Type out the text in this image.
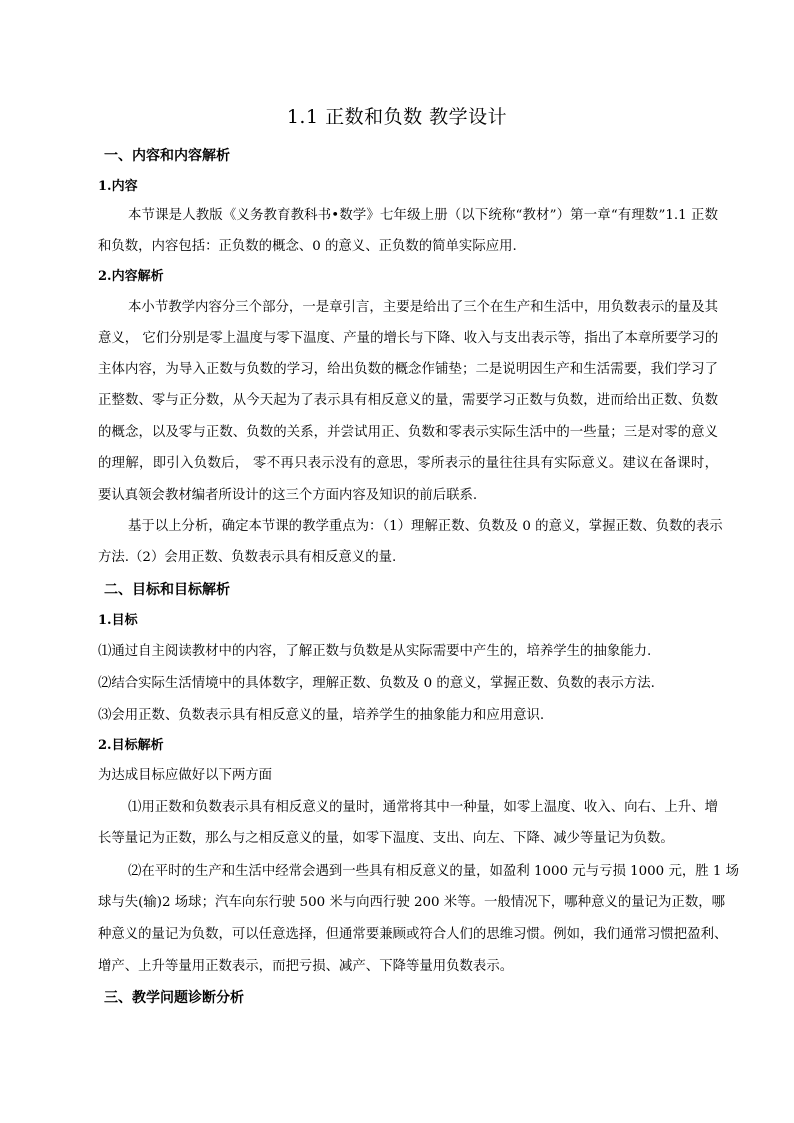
1.1 正数和负数 教学设计
一、内容和内容解析
1.内容
本节课是人教版《义务教育教科书•数学》七年级上册（以下统称“教材”）第一章“有理数”1.1 正数
和负数，内容包括：正负数的概念、0 的意义、正负数的简单实际应用.
2.内容解析
本小节教学内容分三个部分，一是章引言，主要是给出了三个在生产和生活中，用负数表示的量及其
意义， 它们分别是零上温度与零下温度、产量的增长与下降、收入与支出表示等，指出了本章所要学习的
主体内容，为导入正数与负数的学习，给出负数的概念作铺垫；二是说明因生产和生活需要，我们学习了
正整数、零与正分数，从今天起为了表示具有相反意义的量，需要学习正数与负数，进而给出正数、负数
的概念，以及零与正数、负数的关系，并尝试用正、负数和零表示实际生活中的一些量；三是对零的意义
的理解，即引入负数后， 零不再只表示没有的意思，零所表示的量往往具有实际意义。建议在备课时，
要认真领会教材编者所设计的这三个方面内容及知识的前后联系.
基于以上分析，确定本节课的教学重点为：（1）理解正数、负数及 0 的意义，掌握正数、负数的表示
方法.（2）会用正数、负数表示具有相反意义的量.
二、目标和目标解析
1.目标
⑴通过自主阅读教材中的内容，了解正数与负数是从实际需要中产生的，培养学生的抽象能力.
⑵结合实际生活情境中的具体数字，理解正数、负数及 0 的意义，掌握正数、负数的表示方法.
⑶会用正数、负数表示具有相反意义的量，培养学生的抽象能力和应用意识.
2.目标解析
为达成目标应做好以下两方面
⑴用正数和负数表示具有相反意义的量时，通常将其中一种量，如零上温度、收入、向右、上升、增
长等量记为正数，那么与之相反意义的量，如零下温度、支出、向左、下降、减少等量记为负数。
⑵在平时的生产和生活中经常会遇到一些具有相反意义的量，如盈利 1000 元与亏损 1000 元，胜 1 场
球与失(输)2 场球；汽车向东行驶 500 米与向西行驶 200 米等。一般情况下，哪种意义的量记为正数，哪
种意义的量记为负数，可以任意选择，但通常要兼顾或符合人们的思维习惯。例如，我们通常习惯把盈利、
增产、上升等量用正数表示，而把亏损、减产、下降等量用负数表示。
三、教学问题诊断分析
